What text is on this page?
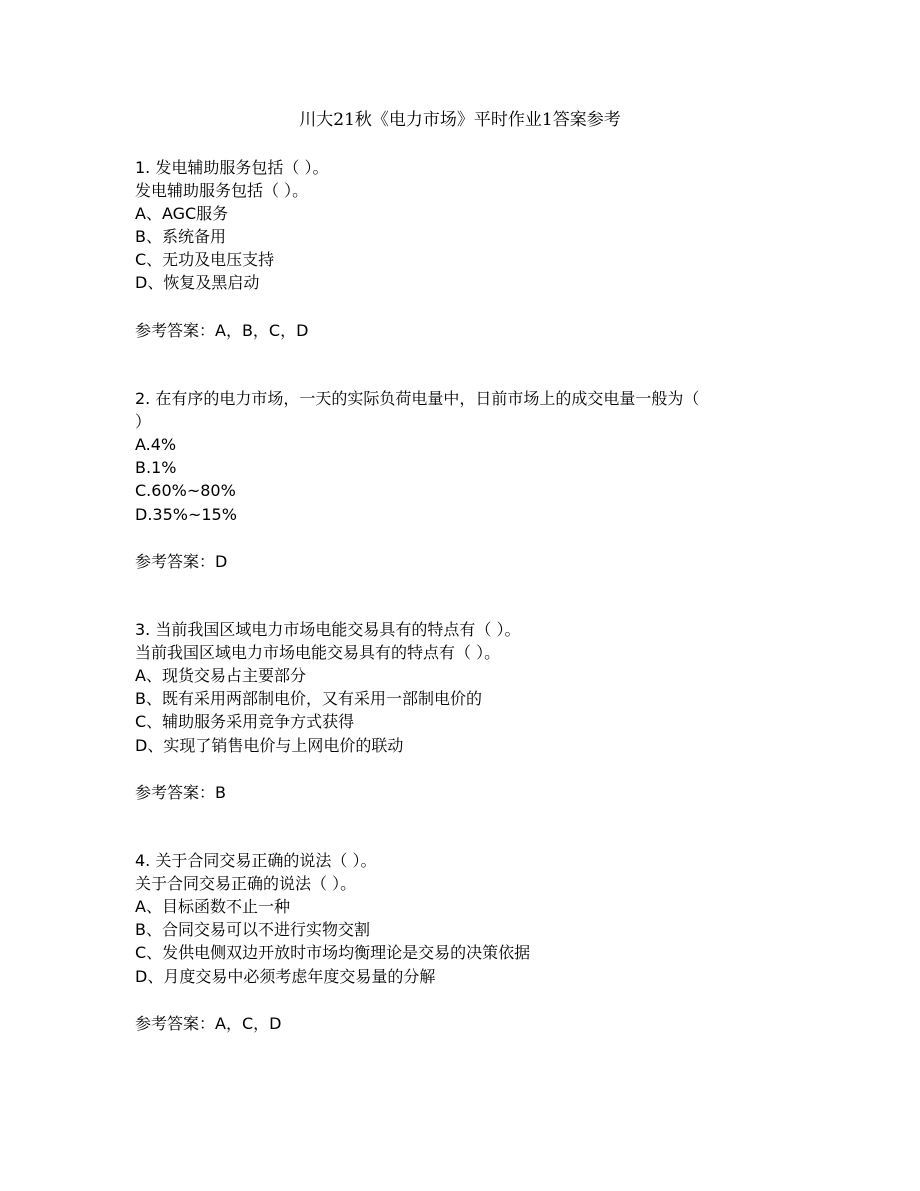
川大21秋《电力市场》平时作业1答案参考
1. 发电辅助服务包括（ ）。
发电辅助服务包括（ ）。
A、AGC服务
B、系统备用
C、无功及电压支持
D、恢复及黑启动
参考答案：A，B，C，D
2. 在有序的电力市场，一天的实际负荷电量中，日前市场上的成交电量一般为（
）
A.4%
B.1%
C.60%~80%
D.35%~15%
参考答案：D
3. 当前我国区域电力市场电能交易具有的特点有（ ）。
当前我国区域电力市场电能交易具有的特点有（ ）。
A、现货交易占主要部分
B、既有采用两部制电价，又有采用一部制电价的
C、辅助服务采用竞争方式获得
D、实现了销售电价与上网电价的联动
参考答案：B
4. 关于合同交易正确的说法（ ）。
关于合同交易正确的说法（ ）。
A、目标函数不止一种
B、合同交易可以不进行实物交割
C、发供电侧双边开放时市场均衡理论是交易的决策依据
D、月度交易中必须考虑年度交易量的分解
参考答案：A，C，D
